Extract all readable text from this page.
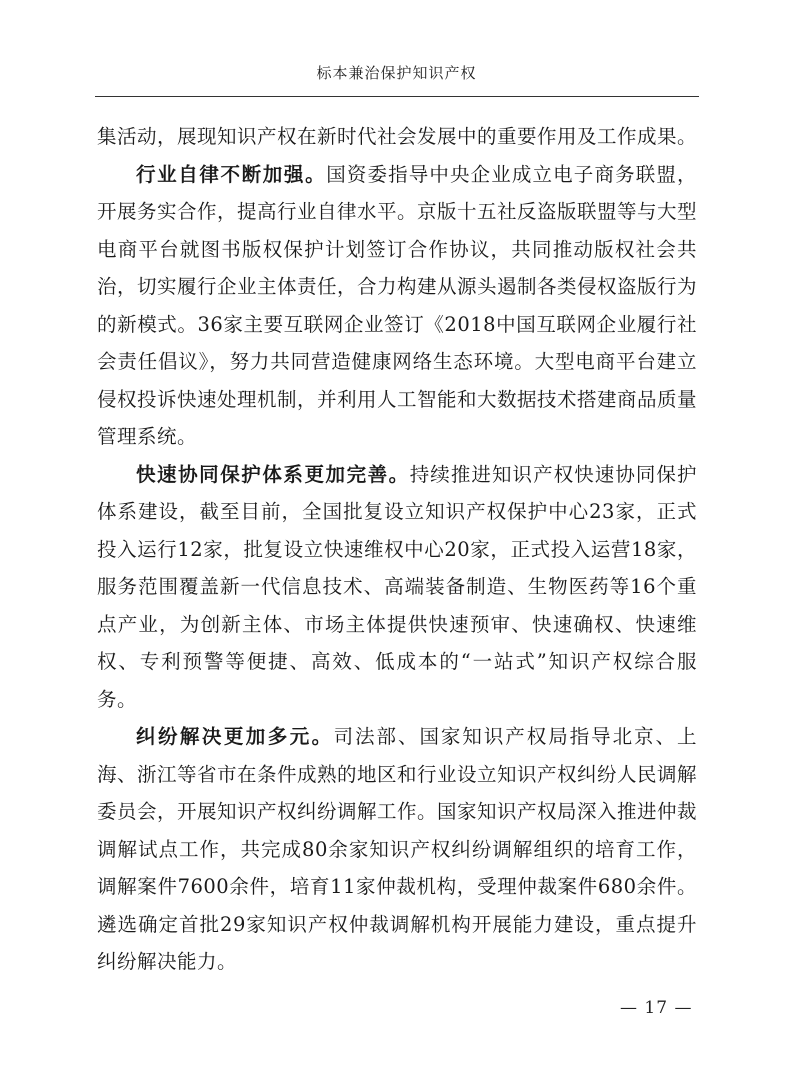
标本兼治保护知识产权

集活动，展现知识产权在新时代社会发展中的重要作用及工作成果。

行业自律不断加强。国资委指导中央企业成立电子商务联盟，开展务实合作，提高行业自律水平。京版十五社反盗版联盟等与大型电商平台就图书版权保护计划签订合作协议，共同推动版权社会共治，切实履行企业主体责任，合力构建从源头遏制各类侵权盗版行为的新模式。36家主要互联网企业签订《2018中国互联网企业履行社会责任倡议》，努力共同营造健康网络生态环境。大型电商平台建立侵权投诉快速处理机制，并利用人工智能和大数据技术搭建商品质量管理系统。

快速协同保护体系更加完善。持续推进知识产权快速协同保护体系建设，截至目前，全国批复设立知识产权保护中心23家，正式投入运行12家，批复设立快速维权中心20家，正式投入运营18家，服务范围覆盖新一代信息技术、高端装备制造、生物医药等16个重点产业，为创新主体、市场主体提供快速预审、快速确权、快速维权、专利预警等便捷、高效、低成本的“一站式”知识产权综合服务。

纠纷解决更加多元。司法部、国家知识产权局指导北京、上海、浙江等省市在条件成熟的地区和行业设立知识产权纠纷人民调解委员会，开展知识产权纠纷调解工作。国家知识产权局深入推进仲裁调解试点工作，共完成80余家知识产权纠纷调解组织的培育工作，调解案件7600余件，培育11家仲裁机构，受理仲裁案件680余件。遴选确定首批29家知识产权仲裁调解机构开展能力建设，重点提升纠纷解决能力。

— 17 —
